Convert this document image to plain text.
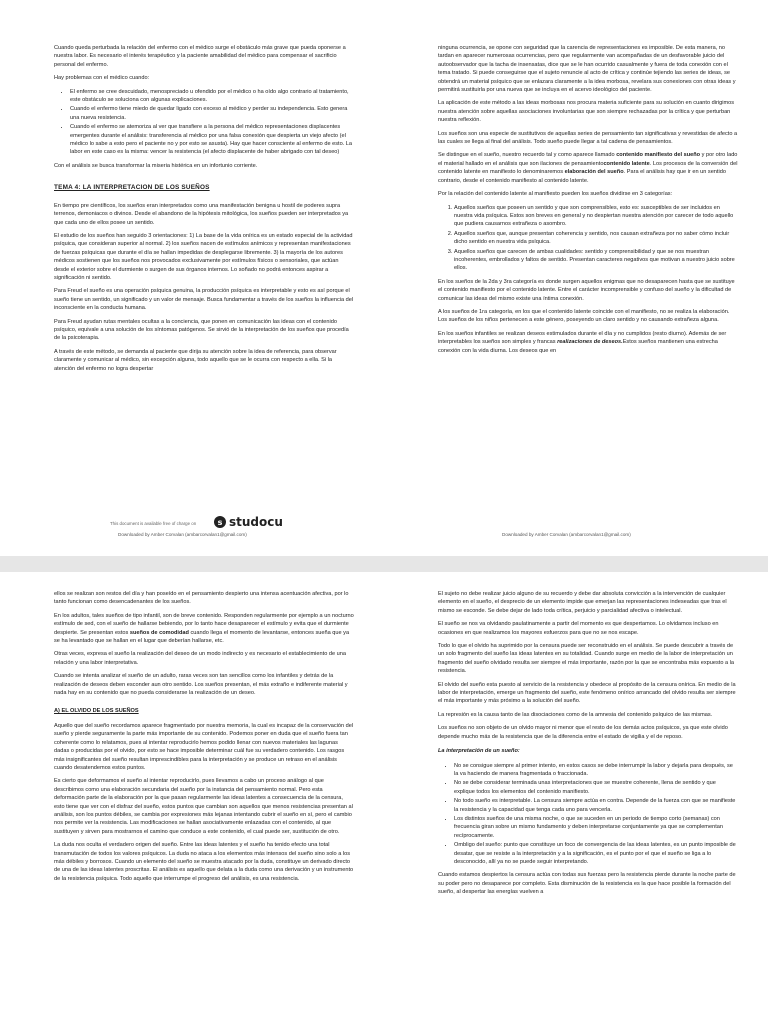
Cuando queda perturbada la relación del enfermo con el médico surge el obstáculo más grave que pueda oponerse a nuestra labor. Es necesario el interés terapéutico y la paciente amabilidad del médico para compensar el sacrificio personal del enfermo.

Hay problemas con el médico cuando:

• El enfermo se cree descuidado, menospreciado u ofendido por el médico o ha oído algo contrario al tratamiento, este obstáculo se soluciona con algunas explicaciones.
• Cuando el enfermo tiene miedo de quedar ligado con exceso al médico y perder su independencia. Esto genera una nueva resistencia.
• Cuando el enfermo se atemoriza al ver que transfiere a la persona del médico representaciones displacentes emergentes durante el análisis: transferencia al médico por una falsa conexión que despierta un viejo afecto (el médico lo sabe a esto pero el paciente no y por esto se asusta). Hay que hacer consciente al enfermo de esto. La labor en este caso es la misma: vencer la resistencia (el afecto displacente de haber abrigado con tal deseo)

Con el análisis se busca transformar la miseria histérica en un infortunio corriente.

TEMA 4: LA INTERPRETACION DE LOS SUEÑOS

En tiempo pre científicos, los sueños eran interpretados como una manifestación benigna u hostil de poderes supra terrenos, demoniacos o divinos. Desde el abandono de la hipótesis mitológica, los sueños pueden ser interpretados ya que cada uno de ellos posee un sentido.

El estudio de los sueños han seguido 3 orientaciones: 1) La base de la vida onírica es un estado especial de la actividad psíquica, que consideran superior al normal. 2) los sueños nacen de estímulos anímicos y representan manifestaciones de fuerzas psíquicas que durante el día se hallan impedidas de desplegarse libremente. 3) la mayoría de los autores médicos sostienen que los sueños nos provocados exclusivamente por estímulos físicos o sensoriales, que actúan desde el exterior sobre el durmiente o surgen de sus órganos internos. Lo soñado no podrá entonces aspirar a significación ni sentido.

Para Freud el sueño es una operación psíquica genuina, la producción psíquica es interpretable y esto es así porque el sueño tiene un sentido, un significado y un valor de mensaje. Busca fundamentar a través de los sueños la influencia del inconsciente en la conducta humana.

Para Freud ayudan rutas mentales ocultas a la conciencia, que ponen en comunicación las ideas con el contenido psíquico, equivale a una solución de los síntomas patógenos. Se sirvió de la interpretación de los sueños que procedía de la psicoterapia.

A través de este método, se demanda al paciente que dirija su atención sobre la idea de referencia, para observar claramente y comunicar al médico, sin excepción alguna, todo aquello que se le ocurra con respecto a ella. Si la atención del enfermo no logra despertar

ninguna ocurrencia, se opone con seguridad que la carencia de representaciones es imposible. De esta manera, no tardan en aparecer numerosas ocurrencias, pero que regularmente van acompañadas de un desfavorable juicio del autoobservador que la tacha de insensatas, dice que se le han ocurrido casualmente y fuera de toda conexión con el tema tratado. Si puede conseguirse que el sujeto renuncie al acto de crítica y continúe tejiendo las series de ideas, se obtendrá un material psíquico que se enlazara claramente a la idea morbosa, revelara sus conexiones con otras ideas y permitirá sustituirla por una nueva que se incluya en el acervo ideológico del paciente.

La aplicación de este método a las ideas morbosas nos procura materia suficiente para su solución en cuanto dirigimos nuestra atención sobre aquellas asociaciones involuntarias que son siempre rechazadas por la crítica y que perturban nuestra reflexión.

Los sueños son una especie de sustitutivos de aquellas series de pensamiento tan significativas y revestidas de afecto a las cuales se llega al final del análisis. Todo sueño puede llegar a tal cadena de pensamientos.

Se distingue en el sueño, nuestro recuerdo tal y como aparece llamado contenido manifiesto del sueño y por otro lado el material hallado en el análisis que son ilaciones de pensamientocontenido latente. Los procesos de la conversión del contenido latente en manifiesto lo denominaremos elaboración del sueño. Para el análisis hay que ir en un sentido contrario, desde el contenido manifiesto al contenido latente.

Por la relación del contenido latente al manifiesto pueden los sueños dividirse en 3 categorías:

1. Aquellos sueños que poseen un sentido y que son comprensibles, esto es: susceptibles de ser incluidos en nuestra vida psíquica. Estos son breves en general y no despiertan nuestra atención por carecer de todo aquello que pudiera causarnos extrañeza o asombro.
2. Aquellos sueños que, aunque presentan coherencia y sentido, nos causan extrañeza por no saber cómo incluir dicho sentido en nuestra vida psíquica.
3. Aquellos sueños que carecen de ambas cualidades: sentido y comprensibilidad y que se nos muestran incoherentes, embrollados y faltos de sentido. Presentan caracteres negativos que motivan a nuestro juicio sobre ellos.

En los sueños de la 2da y 3ra categoría es donde surgen aquellos enigmas que no desaparecen hasta que se sustituye el contenido manifiesto por el contenido latente. Entre el carácter incomprensible y confuso del sueño y la dificultad de comunicar las ideas del mismo existe una íntima conexión.

A los sueños de 1ra categoría, en los que el contenido latente coincide con el manifiesto, no se realiza la elaboración. Los sueños de los niños pertenecen a este género, poseyendo un claro sentido y no causando extrañeza alguna.

En los sueños infantiles se realizan deseos estimulados durante el día y no cumplidos (resto diurno). Además de ser interpretables los sueños son simples y francas realizaciones de deseos.Estos sueños mantienen una estrecha conexión con la vida diurna. Los deseos que en

This document is available free of charge on	s studocu
Downloaded by Amber Corvalan (ambarcorvalan1@gmail.com)	Downloaded by Amber Corvalan (ambarcorvalan1@gmail.com)

ellos se realizan son restos del día y han poseído en el pensamiento despierto una intensa acentuación afectiva, por lo tanto funcionan como desencadenantes de los sueños.

En los adultos, tales sueños de tipo infantil, son de breve contenido. Responden regularmente por ejemplo a un nocturno estímulo de sed, con el sueño de hallarse bebiendo, por lo tanto hace desaparecer el estímulo y evita que el durmiente despierte. Se presentan estos sueños de comodidad cuando llega el momento de levantarse, entonces sueña que ya se ha levantado que se hallan en el lugar que deberían hallarse, etc.

Otras veces, expresa el sueño la realización del deseo de un modo indirecto y es necesario el establecimiento de una relación y una labor interpretativa.

Cuando se intenta analizar el sueño de un adulto, raras veces son tan sencillos como los infantiles y detrás de la realización de deseos deben esconder aun otro sentido. Los sueños presentan, el más extraño e indiferente material y nada hay en su contenido que no pueda considerarse la realización de un deseo.

A) EL OLVIDO DE LOS SUEÑOS

Aquello que del sueño recordamos aparece fragmentado por nuestra memoria, la cual es incapaz de la conservación del sueño y pierde seguramente la parte más importante de su contenido. Podemos poner en duda que el sueño fuera tan coherente como lo relatamos, pues al intentar reproducirlo hemos podido llenar con nuevos materiales las lagunas dadas o producidas por el olvido, por esto se hace imposible determinar cuál fue su verdadero contenido. Los rasgos más insignificantes del sueño resultan imprescindibles para la interpretación y se produce un retraso en el análisis cuando desatendemos estos puntos.

Es cierto que deformamos el sueño al intentar reproducirlo, pues llevamos a cabo un proceso análogo al que describimos como una elaboración secundaria del sueño por la instancia del pensamiento normal. Pero esta deformación parte de la elaboración por la que pasan regularmente las ideas latentes a consecuencia de la censura, esto tiene que ver con el disfraz del sueño, estos puntos que cambian son aquellos que menos resistencias presentan al análisis, son los puntos débiles, se cambia por expresiones más lejanas intentando cubrir el sueño en sí, pero el cambio nos permite ver la resistencia. Las modificaciones se hallan asociativamente enlazadas con el contenido, al que sustituyen y sirven para mostrarnos el camino que conduce a este contenido, el cual puede ser, sustitución de otro.

La duda nos oculta el verdadero origen del sueño. Entre las ideas latentes y el sueño ha tenido efecto una total transmutación de todos los valores psíquicos. La duda no ataca a los elementos más intensos del sueño sino solo a los más débiles y borrosos. Cuando un elemento del sueño se muestra atacado por la duda, constituye un derivado directo de una de las ideas latentes proscritas. El análisis es aquello que delata a la duda como una derivación y un instrumento de la resistencia psíquica. Todo aquello que interrumpe el progreso del análisis, es una resistencia.

El sujeto no debe realizar juicio alguno de su recuerdo y debe dar absoluta convicción a la intervención de cualquier elemento en el sueño, el desprecio de un elemento impide que emerjan las representaciones indeseadas que tras el mismo se esconde. Se debe dejar de lado toda crítica, perjuicio y parcialidad afectiva o intelectual.

El sueño se nos va olvidando paulatinamente a partir del momento es que despertamos. Lo olvidamos incluso en ocasiones en que realizamos los mayores esfuerzos para que no se nos escape.

Todo lo que el olvido ha suprimido por la censura puede ser reconstruido en el análisis. Se puede descubrir a través de un solo fragmento del sueño las ideas latentes en su totalidad. Cuando surge en medio de la labor de interpretación un fragmento del sueño olvidado resulta ser siempre el más importante, razón por la que se encontraba más expuesto a la resistencia.

El olvido del sueño esta puesto al servicio de la resistencia y obedece al propósito de la censura onírica. En medio de la labor de interpretación, emerge un fragmento del sueño, este fenómeno onírico arrancado del olvido resulta ser siempre el más importante y más próximo a la solución del sueño.

La represión es la causa tanto de las disociaciones como de la amnesia del contenido psíquico de las mismas.

Los sueños no son objeto de un olvido mayor ni menor que el resto de los demás actos psíquicos, ya que este olvido depende mucho más de la resistencia que de la diferencia entre el estado de vigilia y el de reposo.

La interpretación de un sueño:
• No se consigue siempre al primer intento, en estos casos se debe interrumpir la labor y dejarla para después, se la va haciendo de manera fragmentada o fraccionada.
• No se debe considerar terminada unas interpretaciones que se muestre coherente, llena de sentido y que explique todos los elementos del contenido manifiesto.
• No todo sueño es interpretable. La censura siempre actúa en contra. Depende de la fuerza con que se manifieste la resistencia y la capacidad que tenga cada uno para vencerla.
• Los distintos sueños de una misma noche, o que se suceden en un periodo de tiempo corto (semanas) con frecuencia giran sobre un mismo fundamento y deben interpretarse conjuntamente ya que se complementan recíprocamente.
• Ombligo del sueño: punto que constituye un foco de convergencia de las ideas latentes, es un punto imposible de desatar, que se resiste a la interpretación y a la significación, es el punto por el que el sueño se liga a lo desconocido, allí ya no se puede seguir interpretando.

Cuando estamos despiertos la censura actúa con todas sus fuerzas pero la resistencia pierde durante la noche parte de su poder pero no desaparece por completo. Esta disminución de la resistencia es la que hace posible la formación del sueño, al despertar las energías vuelven a
